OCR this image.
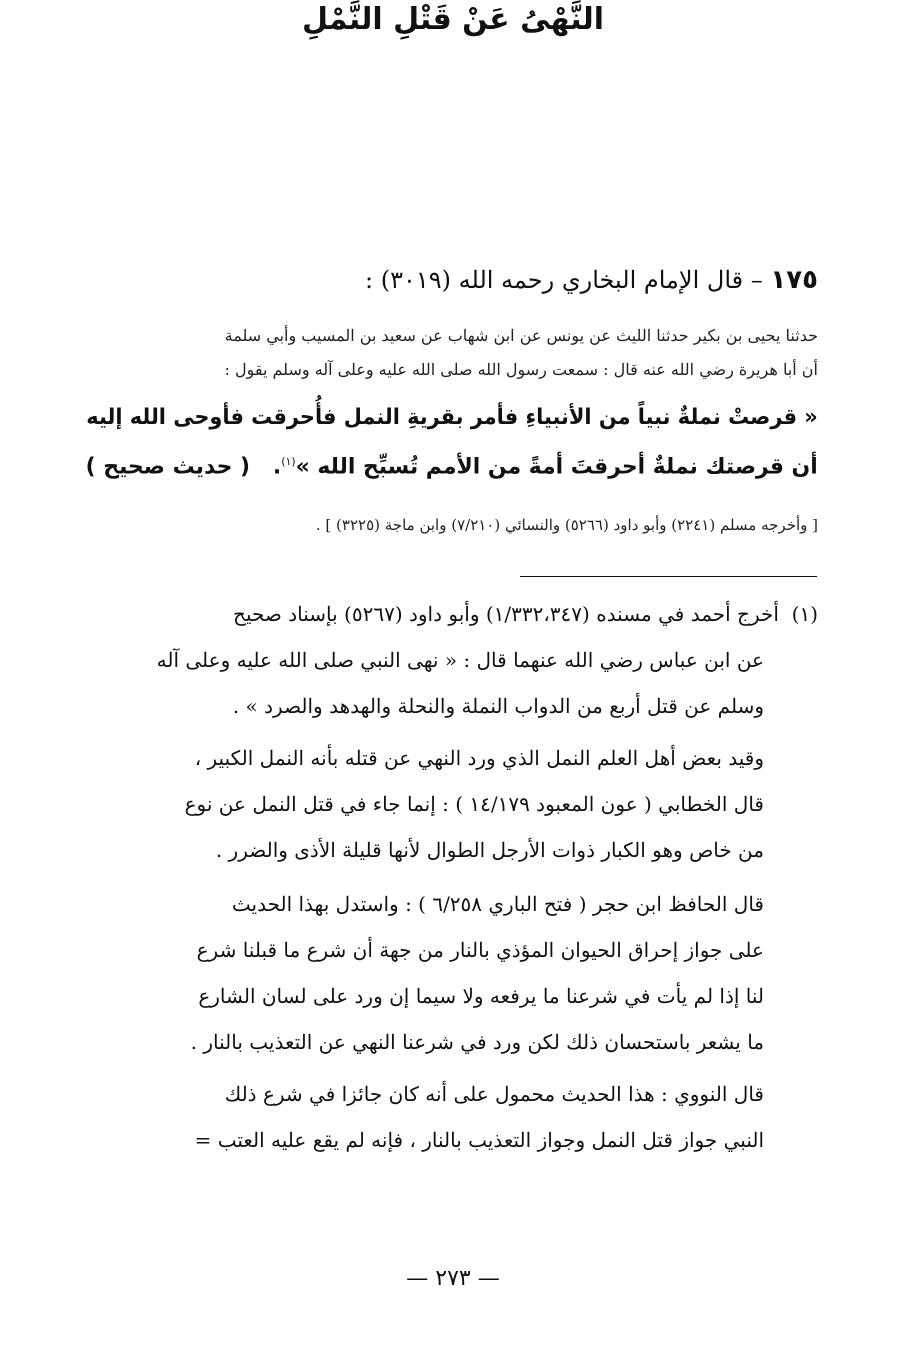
النَّهْىُ عَنْ قَتْلِ النَّمْلِ
١٧٥ – قال الإمام البخاري رحمه الله (٣٠١٩) :
حدثنا يحيى بن بكير حدثنا الليث عن يونس عن ابن شهاب عن سعيد بن المسيب وأبي سلمة
أن أبا هريرة رضي الله عنه قال : سمعت رسول الله صلى الله عليه وعلى آله وسلم يقول :
« قرصتْ نملةٌ نبياً من الأنبياءِ فأمر بقريةِ النمل فأُحرقت فأوحى الله إليه
أن قرصتك نملةٌ أحرقتَ أمةً من الأمم تُسبِّح الله »$^{(١)}$.   ( حديث صحيح )
[ وأخرجه مسلم (٢٢٤١) وأبو داود (٥٢٦٦) والنسائي (٧/٢١٠) وابن ماجة (٣٢٢٥) ] .
(١)  أخرج أحمد في مسنده (١/٣٣٢،٣٤٧) وأبو داود (٥٢٦٧) بإسناد صحيح
عن ابن عباس رضي الله عنهما قال : « نهى النبي صلى الله عليه وعلى آله
وسلم عن قتل أربع من الدواب النملة والنحلة والهدهد والصرد » .
وقيد بعض أهل العلم النمل الذي ورد النهي عن قتله بأنه النمل الكبير ،
قال الخطابي ( عون المعبود ١٤/١٧٩ ) : إنما جاء في قتل النمل عن نوع
من خاص وهو الكبار ذوات الأرجل الطوال لأنها قليلة الأذى والضرر .
قال الحافظ ابن حجر ( فتح الباري ٦/٢٥٨ ) : واستدل بهذا الحديث
على جواز إحراق الحيوان المؤذي بالنار من جهة أن شرع ما قبلنا شرع
لنا إذا لم يأت في شرعنا ما يرفعه ولا سيما إن ورد على لسان الشارع
ما يشعر باستحسان ذلك لكن ورد في شرعنا النهي عن التعذيب بالنار .
قال النووي : هذا الحديث محمول على أنه كان جائزا في شرع ذلك
النبي جواز قتل النمل وجواز التعذيب بالنار ، فإنه لم يقع عليه العتب =
— ٢٧٣ —
